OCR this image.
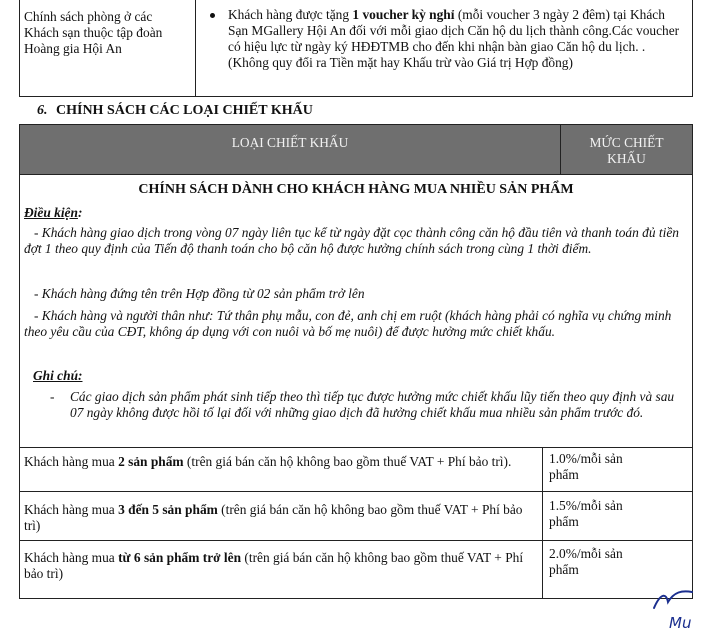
Chính sách phòng ở các Khách sạn thuộc tập đoàn Hoàng gia Hội An
Khách hàng được tặng 1 voucher kỳ nghỉ (mỗi voucher 3 ngày 2 đêm) tại Khách Sạn MGallery Hội An đối với mỗi giao dịch Căn hộ du lịch thành công.Các voucher có hiệu lực từ ngày ký HĐĐTMB cho đến khi nhận bàn giao Căn hộ du lịch. .(Không quy đổi ra Tiền mặt hay Khấu trừ vào Giá trị Hợp đồng)
6. CHÍNH SÁCH CÁC LOẠI CHIẾT KHẤU
LOẠI CHIẾT KHẤU	MỨC CHIẾT KHẤU
CHÍNH SÁCH DÀNH CHO KHÁCH HÀNG MUA NHIỀU SẢN PHẨM
Điều kiện:
- Khách hàng giao dịch trong vòng 07 ngày liên tục kể từ ngày đặt cọc thành công căn hộ đầu tiên và thanh toán đủ tiền đợt 1 theo quy định của Tiến độ thanh toán cho bộ căn hộ được hưởng chính sách trong cùng 1 thời điểm.
- Khách hàng đứng tên trên Hợp đồng từ 02 sản phẩm trở lên
- Khách hàng và người thân như: Tứ thân phụ mẫu, con đẻ, anh chị em ruột (khách hàng phải có nghĩa vụ chứng minh theo yêu cầu của CĐT, không áp dụng với con nuôi và bố mẹ nuôi) để được hưởng mức chiết khấu.
Ghi chú:
- Các giao dịch sản phẩm phát sinh tiếp theo thì tiếp tục được hưởng mức chiết khấu lũy tiến theo quy định và sau 07 ngày không được hồi tố lại đối với những giao dịch đã hưởng chiết khấu mua nhiều sản phẩm trước đó.
Khách hàng mua 2 sản phẩm (trên giá bán căn hộ không bao gồm thuế VAT + Phí bảo trì).	1.0%/mỗi sản phẩm
Khách hàng mua 3 đến 5 sản phẩm (trên giá bán căn hộ không bao gồm thuế VAT + Phí bảo trì)
1.5%/mỗi sản phẩm
Khách hàng mua từ 6 sản phẩm trở lên (trên giá bán căn hộ không bao gồm thuế VAT + Phí bảo trì)
2.0%/mỗi sản phẩm
Mu
